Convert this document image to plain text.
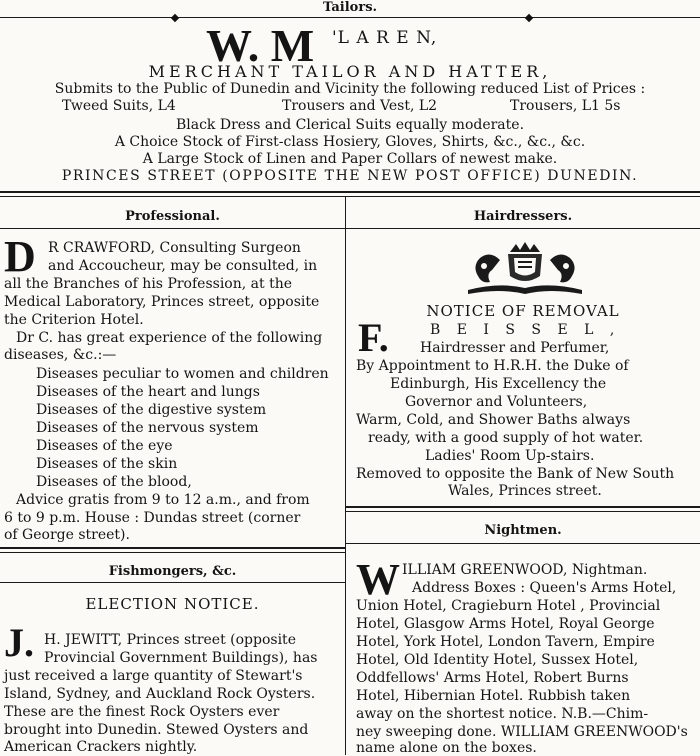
Tailors.
W. M 'L A R E N,
MERCHANT TAILOR AND HATTER,
Submits to the Public of Dunedin and Vicinity the following reduced List of Prices :
Tweed Suits, L4	Trousers and Vest, L2	Trousers, L1 5s
Black Dress and Clerical Suits equally moderate.
A Choice Stock of First-class Hosiery, Gloves, Shirts, &c., &c., &c.
A Large Stock of Linen and Paper Collars of newest make.
PRINCES STREET (OPPOSITE THE NEW POST OFFICE) DUNEDIN.
Professional.
D R CRAWFORD, Consulting Surgeon
and Accoucheur, may be consulted, in
all the Branches of his Profession, at the
Medical Laboratory, Princes street, opposite
the Criterion Hotel.
Dr C. has great experience of the following
diseases, &c.:—
Diseases peculiar to women and children
Diseases of the heart and lungs
Diseases of the digestive system
Diseases of the nervous system
Diseases of the eye
Diseases of the skin
Diseases of the blood,
Advice gratis from 9 to 12 a.m., and from
6 to 9 p.m. House : Dundas street (corner
of George street).
Fishmongers, &c.
ELECTION NOTICE.
J. H. JEWITT, Princes street (opposite
Provincial Government Buildings), has
just received a large quantity of Stewart's
Island, Sydney, and Auckland Rock Oysters.
These are the finest Rock Oysters ever
brought into Dunedin. Stewed Oysters and
American Crackers nightly.
Hairdressers.
NOTICE OF REMOVAL
F.	B E I S S E L ,
Hairdresser and Perfumer,
By Appointment to H.R.H. the Duke of
Edinburgh, His Excellency the
Governor and Volunteers,
Warm, Cold, and Shower Baths always
ready, with a good supply of hot water.
Ladies' Room Up-stairs.
Removed to opposite the Bank of New South
Wales, Princes street.
Nightmen.
W ILLIAM GREENWOOD, Nightman.
Address Boxes : Queen's Arms Hotel,
Union Hotel, Cragieburn Hotel , Provincial
Hotel, Glasgow Arms Hotel, Royal George
Hotel, York Hotel, London Tavern, Empire
Hotel, Old Identity Hotel, Sussex Hotel,
Oddfellows' Arms Hotel, Robert Burns
Hotel, Hibernian Hotel. Rubbish taken
away on the shortest notice. N.B.—Chim-
ney sweeping done. WILLIAM GREENWOOD's
name alone on the boxes.
